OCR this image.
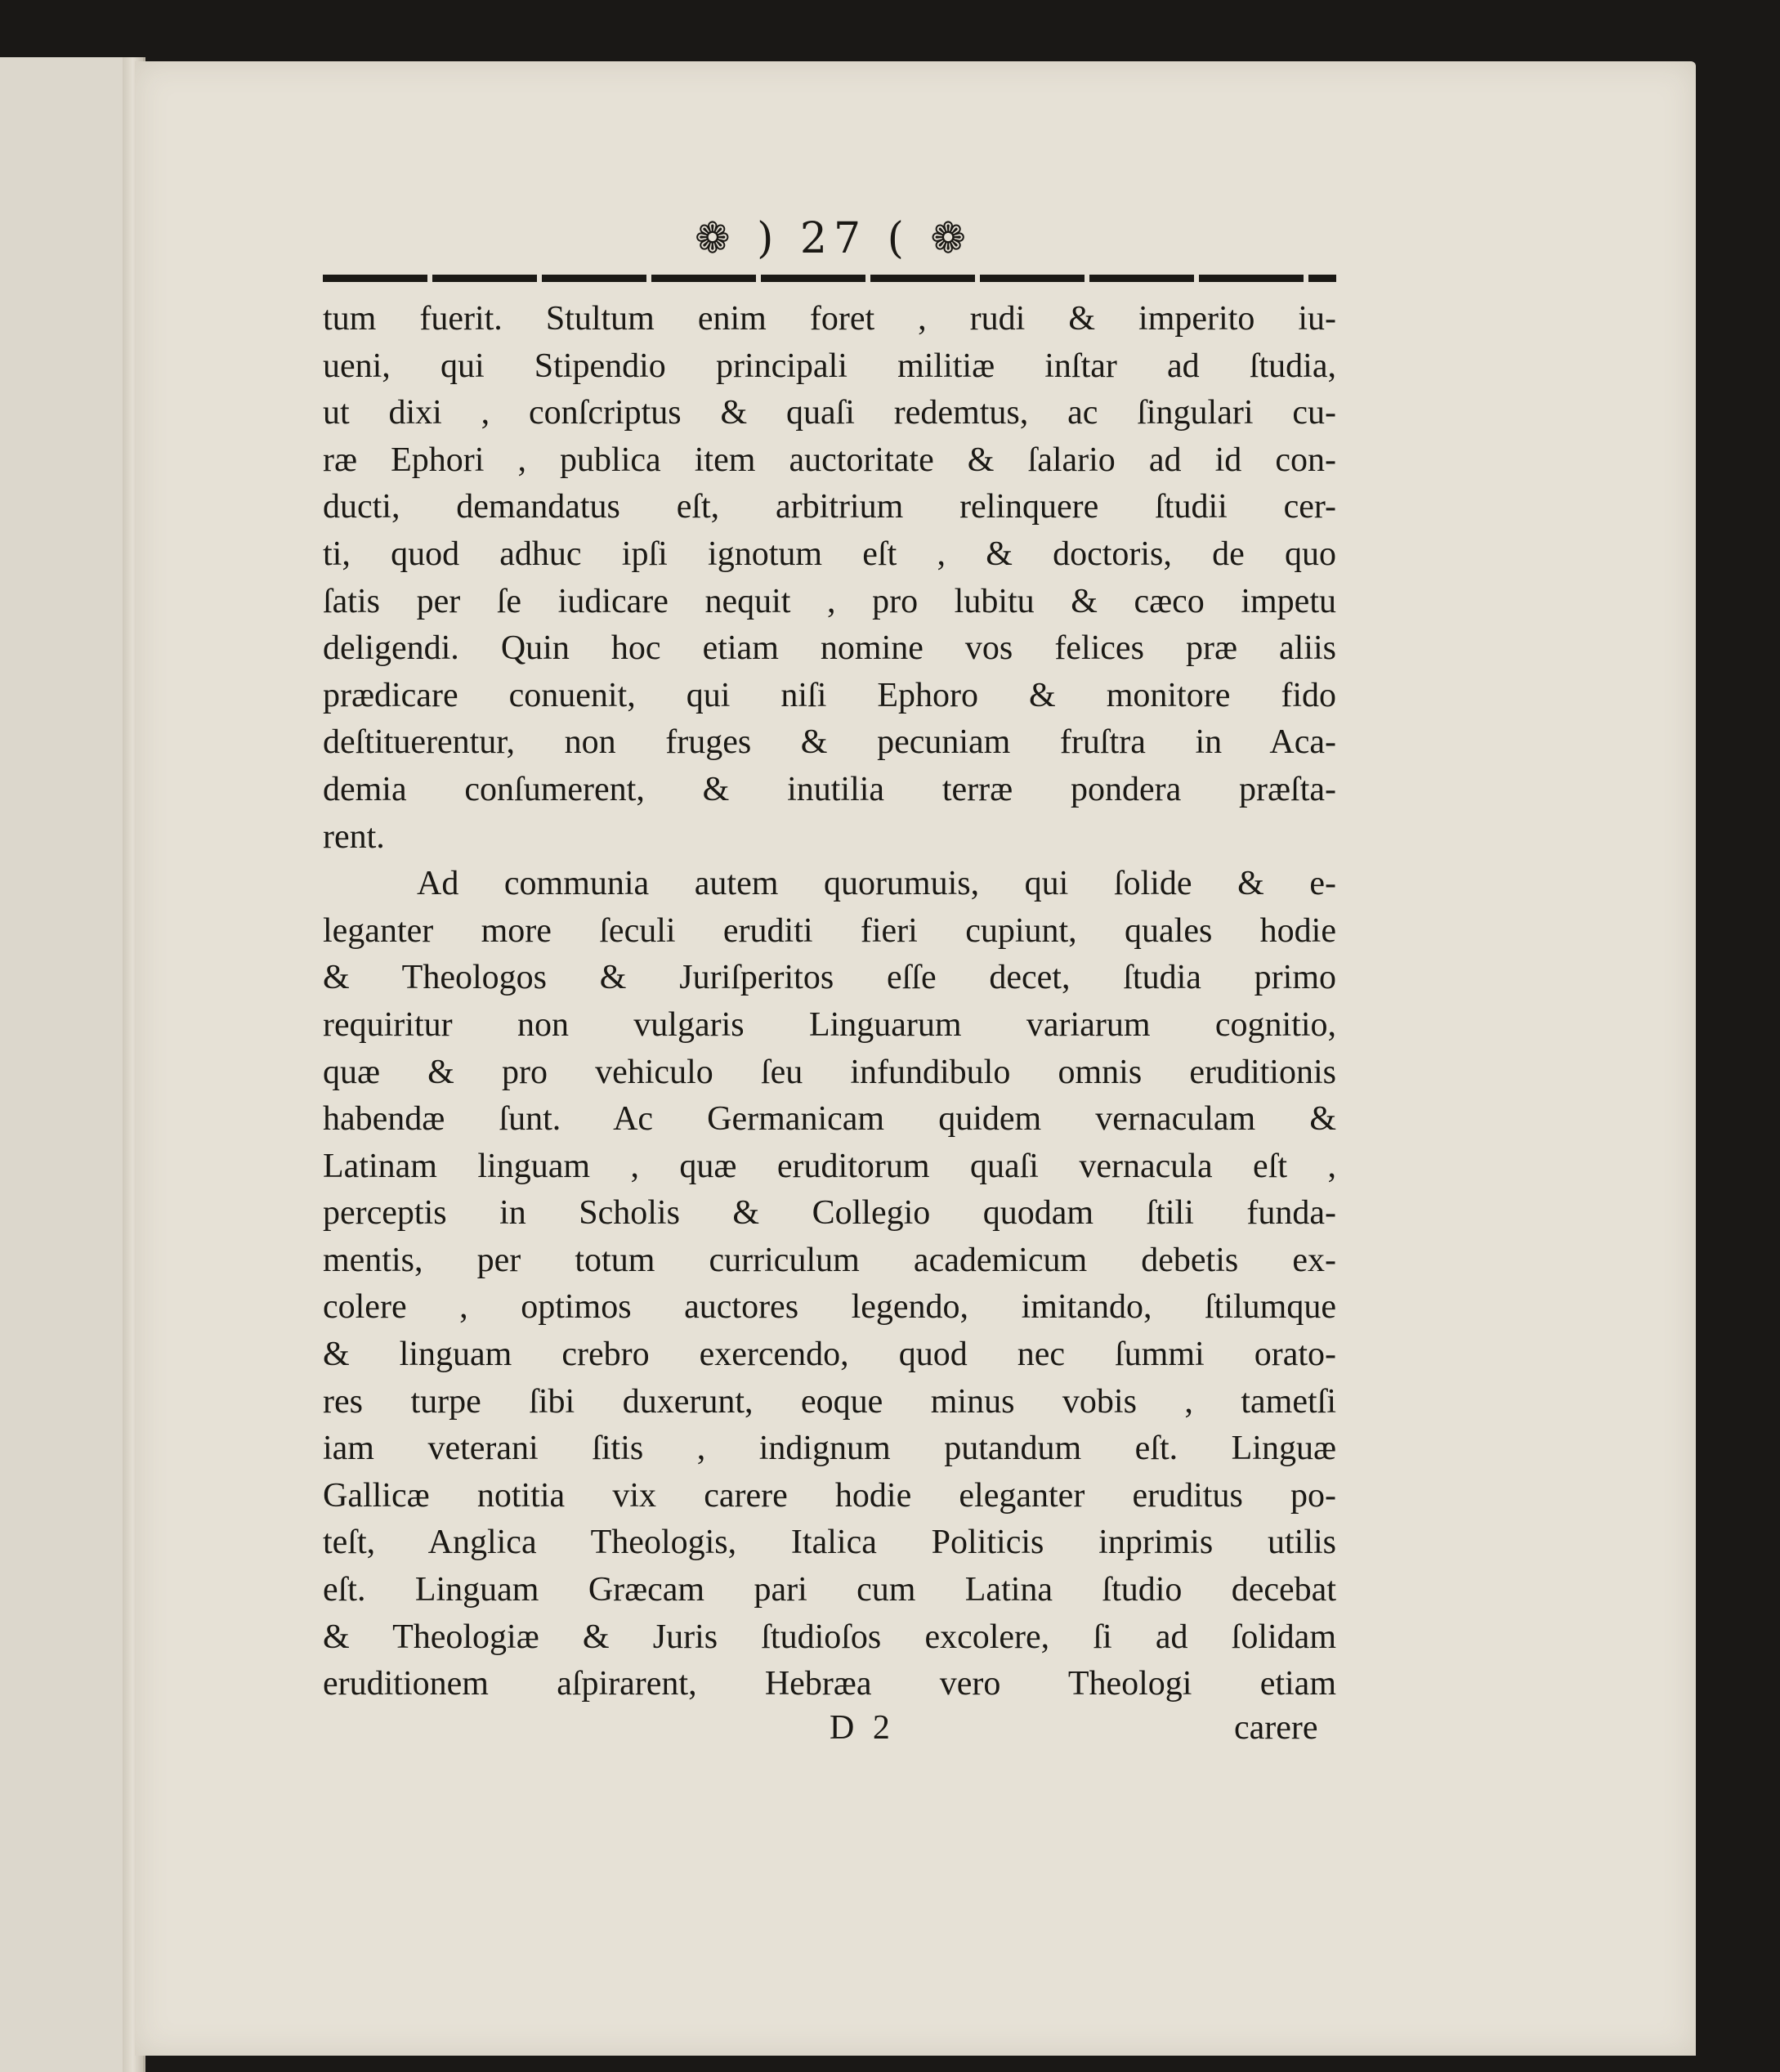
❁ ) 27 ( ❁
tum fuerit. Stultum enim foret , rudi & imperito iu-
ueni, qui Stipendio principali militiæ inſtar ad ſtudia,
ut dixi , conſcriptus & quaſi redemtus, ac ſingulari cu-
ræ Ephori , publica item auctoritate & ſalario ad id con-
ducti, demandatus eſt, arbitrium relinquere ſtudii cer-
ti, quod adhuc ipſi ignotum eſt , & doctoris, de quo
ſatis per ſe iudicare nequit , pro lubitu & cæco impetu
deligendi. Quin hoc etiam nomine vos felices præ aliis
prædicare conuenit, qui niſi Ephoro & monitore fido
deſtituerentur, non fruges & pecuniam fruſtra in Aca-
demia conſumerent, & inutilia terræ pondera præſta-
rent.
Ad communia autem quorumuis, qui ſolide & e-
leganter more ſeculi eruditi fieri cupiunt, quales hodie
& Theologos & Juriſperitos eſſe decet, ſtudia primo
requiritur non vulgaris Linguarum variarum cognitio,
quæ & pro vehiculo ſeu infundibulo omnis eruditionis
habendæ ſunt. Ac Germanicam quidem vernaculam &
Latinam linguam , quæ eruditorum quaſi vernacula eſt ,
perceptis in Scholis & Collegio quodam ſtili funda-
mentis, per totum curriculum academicum debetis ex-
colere , optimos auctores legendo, imitando, ſtilumque
& linguam crebro exercendo, quod nec ſummi orato-
res turpe ſibi duxerunt, eoque minus vobis , tametſi
iam veterani ſitis , indignum putandum eſt. Linguæ
Gallicæ notitia vix carere hodie eleganter eruditus po-
teſt, Anglica Theologis, Italica Politicis inprimis utilis
eſt. Linguam Græcam pari cum Latina ſtudio decebat
& Theologiæ & Juris ſtudioſos excolere, ſi ad ſolidam
eruditionem aſpirarent, Hebræa vero Theologi etiam
D 2	carere
